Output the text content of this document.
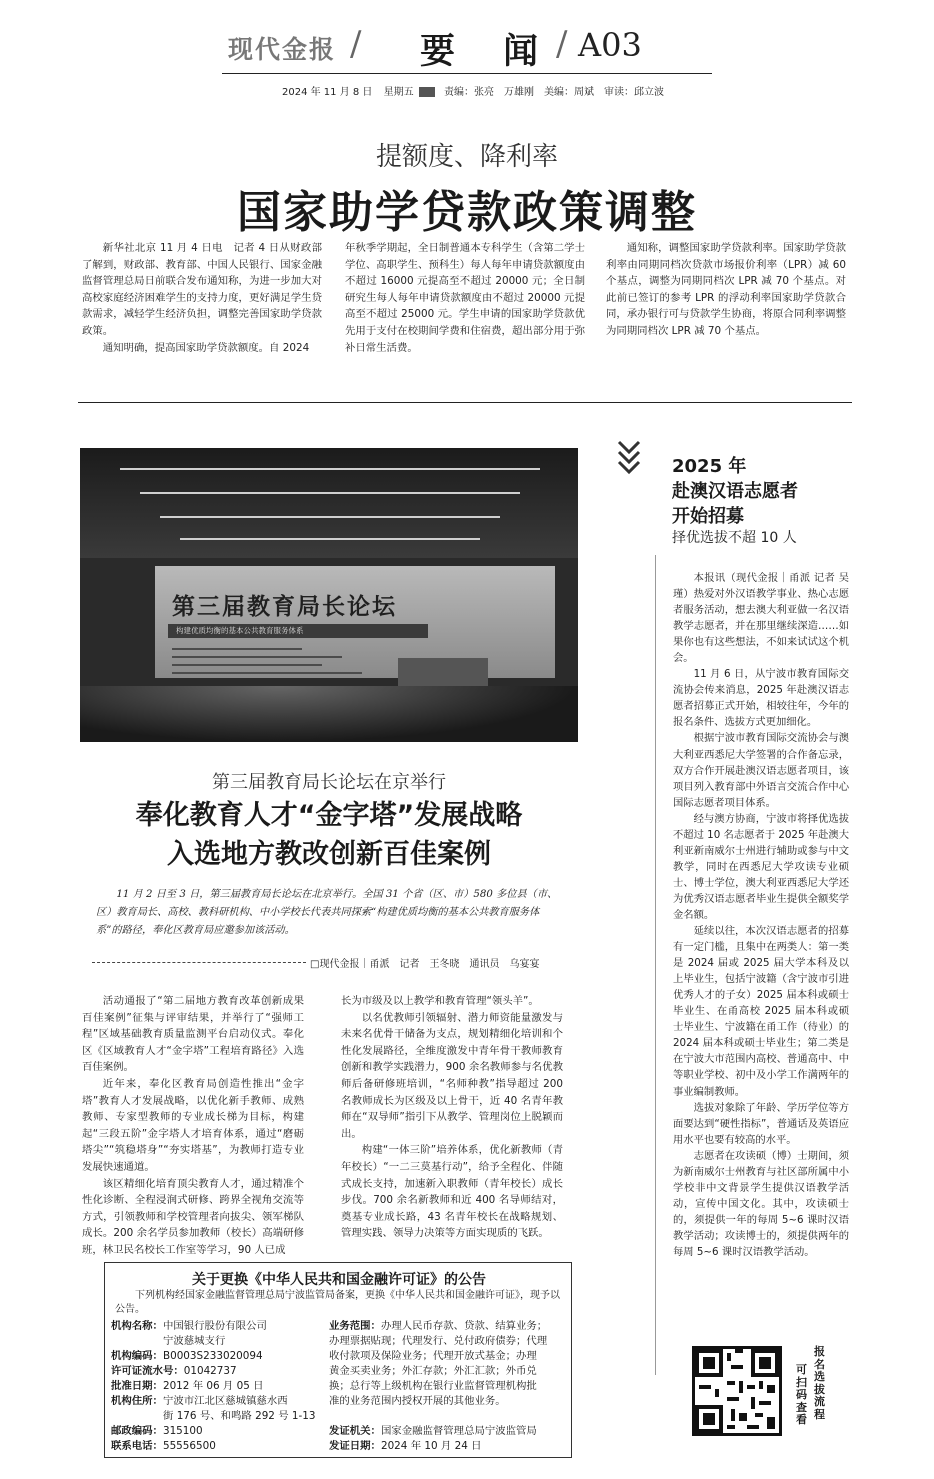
现代金报 / 要 闻 / A03
2024 年 11 月 8 日 星期五	责编：张亮　万雄刚　美编：周斌　审读：邱立波
提额度、降利率
国家助学贷款政策调整

新华社北京 11 月 4 日电　记者 4 日从财政部了解到，财政部、教育部、中国人民银行、国家金融监督管理总局日前联合发布通知称，为进一步加大对高校家庭经济困难学生的支持力度，更好满足学生贷款需求，减轻学生经济负担，调整完善国家助学贷款政策。

通知明确，提高国家助学贷款额度。自 2024

年秋季学期起，全日制普通本专科学生（含第二学士学位、高职学生、预科生）每人每年申请贷款额度由不超过 16000 元提高至不超过 20000 元；全日制研究生每人每年申请贷款额度由不超过 20000 元提高至不超过 25000 元。学生申请的国家助学贷款优先用于支付在校期间学费和住宿费，超出部分用于弥补日常生活费。

通知称，调整国家助学贷款利率。国家助学贷款利率由同期同档次贷款市场报价利率（LPR）减 60 个基点，调整为同期同档次 LPR 减 70 个基点。对此前已签订的参考 LPR 的浮动利率国家助学贷款合同，承办银行可与贷款学生协商，将原合同利率调整为同期同档次 LPR 减 70 个基点。

第三届教育局长论坛
构建优质均衡的基本公共教育服务体系
第三届教育局长论坛在京举行
奉化教育人才“金字塔”发展战略
入选地方教改创新百佳案例
11 月 2 日至 3 日，第三届教育局长论坛在北京举行。全国 31 个省（区、市）580 多位县（市、区）教育局长、高校、教科研机构、中小学校长代表共同探索“构建优质均衡的基本公共教育服务体系”的路径，奉化区教育局应邀参加该活动。
□现代金报｜甬派　记者　王冬晓　通讯员　乌宴宴

活动通报了“第二届地方教育改革创新成果百佳案例”征集与评审结果，并举行了“强师工程”区域基础教育质量监测平台启动仪式。奉化区《区域教育人才“金字塔”工程培育路径》入选百佳案例。

近年来，奉化区教育局创造性推出“金字塔”教育人才发展战略，以优化新手教师、成熟教师、专家型教师的专业成长梯为目标，构建起“三段五阶”金字塔人才培育体系，通过“磨砺塔尖”“筑稳塔身”“夯实塔基”，为教师打造专业发展快速通道。

该区精细化培育顶尖教育人才，通过精准个性化诊断、全程浸润式研修、跨界全视角交流等方式，引领教师和学校管理者向拔尖、领军梯队成长。200 余名学员参加教师（校长）高端研修班，林卫民名校长工作室等学习，90 人已成

长为市级及以上教学和教育管理“领头羊”。

以名优教师引领辐射、潜力师资能量激发与未来名优骨干储备为支点，规划精细化培训和个性化发展路径，全维度激发中青年骨干教师教育创新和教学实践潜力，900 余名教师参与名优教师后备研修班培训，“名师种教”指导超过 200 名教师成长为区级及以上骨干，近 40 名青年教师在“双导师”指引下从教学、管理岗位上脱颖而出。

构建“一体三阶”培养体系，优化新教师（青年校长）“一二三莫基行动”，给予全程化、伴随式成长支持，加速新入职教师（青年校长）成长步伐。700 余名新教师和近 400 名导师结对，奠基专业成长路，43 名青年校长在战略规划、管理实践、领导力决策等方面实现质的飞跃。

2025 年
赴澳汉语志愿者
开始招募
择优选拔不超 10 人

本报讯（现代金报｜甬派 记者 吴瑾）热爱对外汉语教学事业、热心志愿者服务活动，想去澳大利亚做一名汉语教学志愿者，并在那里继续深造……如果你也有这些想法，不如来试试这个机会。

11 月 6 日，从宁波市教育国际交流协会传来消息，2025 年赴澳汉语志愿者招募正式开始，相较往年，今年的报名条件、选拔方式更加细化。

根据宁波市教育国际交流协会与澳大利亚西悉尼大学签署的合作备忘录，双方合作开展赴澳汉语志愿者项目，该项目列入教育部中外语言交流合作中心国际志愿者项目体系。

经与澳方协商，宁波市将择优选拔不超过 10 名志愿者于 2025 年赴澳大利亚新南威尔士州进行辅助或参与中文教学，同时在西悉尼大学攻读专业硕士、博士学位，澳大利亚西悉尼大学还为优秀汉语志愿者毕业生提供全额奖学金名额。

延续以往，本次汉语志愿者的招募有一定门槛，且集中在两类人：第一类是 2024 届或 2025 届大学本科及以上毕业生，包括宁波籍（含宁波市引进优秀人才的子女）2025 届本科或硕士毕业生、在甬高校 2025 届本科或硕士毕业生、宁波籍在甬工作（待业）的 2024 届本科或硕士毕业生；第二类是在宁波大市范围内高校、普通高中、中等职业学校、初中及小学工作满两年的事业编制教师。

选拔对象除了年龄、学历学位等方面要达到“硬性指标”，普通话及英语应用水平也要有较高的水平。

志愿者在攻读硕（博）士期间，须为新南威尔士州教育与社区部所属中小学校非中文背景学生提供汉语教学活动，宣传中国文化。其中，攻读硕士的，须提供一年的每周 5~6 课时汉语教学活动；攻读博士的，须提供两年的每周 5~6 课时汉语教学活动。

报名选拔流程
可扫码查看
关于更换《中华人民共和国金融许可证》的公告
下列机构经国家金融监督管理总局宁波监管局备案，更换《中华人民共和国金融许可证》，现予以公告。
机构名称：中国银行股份有限公司
宁波慈城支行
机构编码：B0003S233020094
许可证流水号：01042737
批准日期：2012 年 06 月 05 日
机构住所：宁波市江北区慈城镇慈水西
街 176 号、和鸣路 292 号 1-13
邮政编码：315100
联系电话：55556500
业务范围：办理人民币存款、贷款、结算业务；
办理票据贴现；代理发行、兑付政府债券；代理
收付款项及保险业务；代理开放式基金；办理
黄金买卖业务；外汇存款；外汇汇款；外币兑
换；总行等上级机构在银行业监督管理机构批
准的业务范围内授权开展的其他业务。
发证机关：国家金融监督管理总局宁波监管局
发证日期：2024 年 10 月 24 日
